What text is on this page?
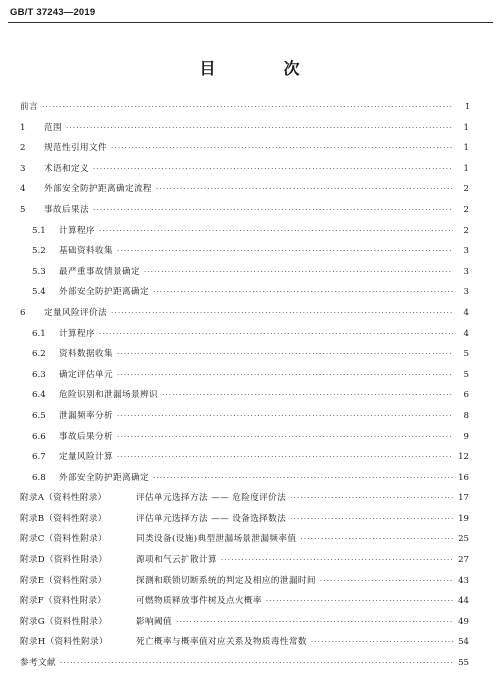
GB/T 37243—2019
目　次
前言 ·····	Ⅰ
1	范围 ·····	1
2	规范性引用文件 ·····	1
3	术语和定义 ·····	1
4	外部安全防护距离确定流程 ·····	2
5	事故后果法 ·····	2
5.1	计算程序 ·····	2
5.2	基础资料收集 ·····	3
5.3	最严重事故情景确定 ·····	3
5.4	外部安全防护距离确定 ·····	3
6	定量风险评价法 ·····	4
6.1	计算程序 ·····	4
6.2	资料数据收集 ·····	5
6.3	确定评估单元 ·····	5
6.4	危险识别和泄漏场景辨识 ·····	6
6.5	泄漏频率分析 ·····	8
6.6	事故后果分析 ·····	9
6.7	定量风险计算 ·····	12
6.8	外部安全防护距离确定 ·····	16
附录A（资料性附录）	评估单元选择方法 —— 危险度评价法 ·····	17
附录B（资料性附录）	评估单元选择方法 —— 设备选择数法 ·····	19
附录C（资料性附录）	同类设备(设施)典型泄漏场景泄漏频率值 ·····	25
附录D（资料性附录）	源项和气云扩散计算 ·····	27
附录E（资料性附录）	探测和联锁切断系统的判定及相应的泄漏时间 ·····	43
附录F（资料性附录）	可燃物质释放事件树及点火概率 ·····	44
附录G（资料性附录）	影响阈值 ·····	49
附录H（资料性附录）	死亡概率与概率值对应关系及物质毒性常数 ·····	54
参考文献 ·····	55
